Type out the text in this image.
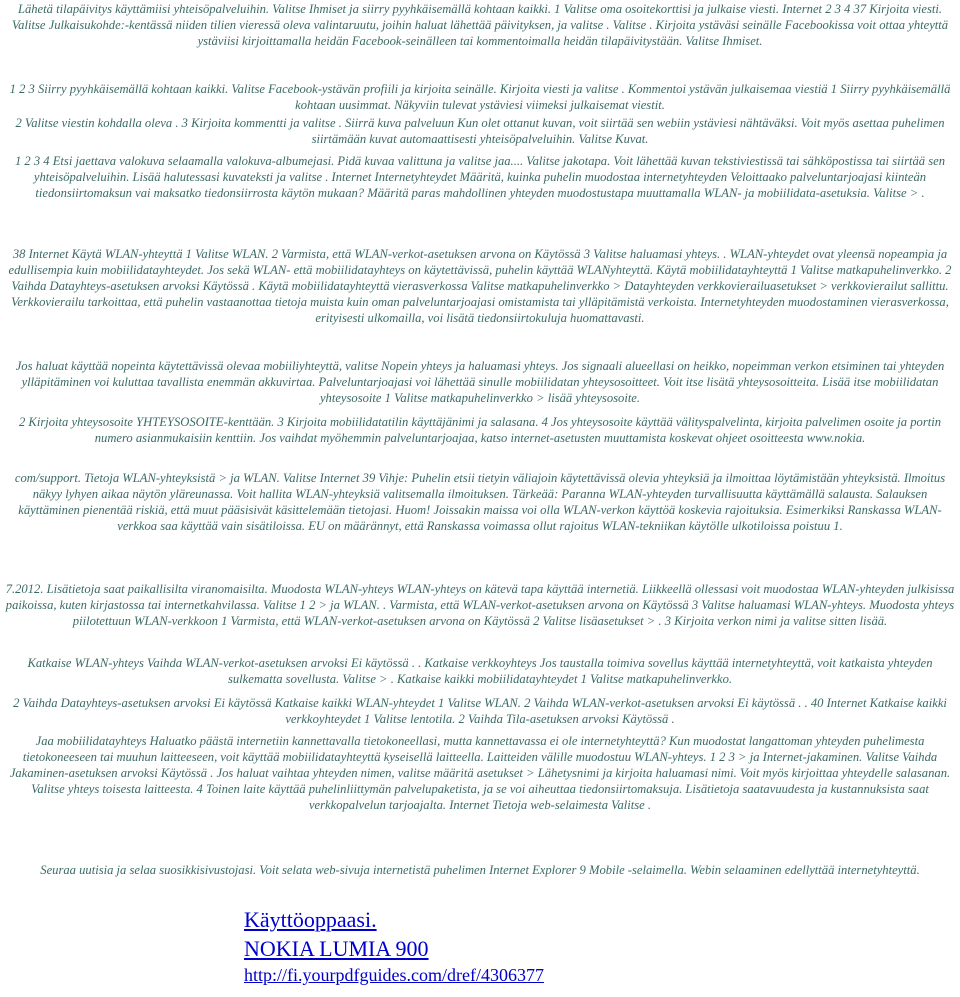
Lähetä tilapäivitys käyttämiisi yhteisöpalveluihin. Valitse Ihmiset ja siirry pyyhkäisemällä kohtaan kaikki. 1 Valitse oma osoitekorttisi ja julkaise viesti. Internet 2 3 4 37 Kirjoita viesti. Valitse Julkaisukohde:-kentässä niiden tilien vieressä oleva valintaruutu, joihin haluat lähettää päivityksen, ja valitse . Valitse . Kirjoita ystäväsi seinälle Facebookissa voit ottaa yhteyttä ystäviisi kirjoittamalla heidän Facebook-seinälleen tai kommentoimalla heidän tilapäivitystään. Valitse Ihmiset.

1 2 3 Siirry pyyhkäisemällä kohtaan kaikki. Valitse Facebook-ystävän profiili ja kirjoita seinälle. Kirjoita viesti ja valitse . Kommentoi ystävän julkaisemaa viestiä 1 Siirry pyyhkäisemällä kohtaan uusimmat. Näkyviin tulevat ystäviesi viimeksi julkaisemat viestit.

2 Valitse viestin kohdalla oleva . 3 Kirjoita kommentti ja valitse . Siirrä kuva palveluun Kun olet ottanut kuvan, voit siirtää sen webiin ystäviesi nähtäväksi. Voit myös asettaa puhelimen siirtämään kuvat automaattisesti yhteisöpalveluihin. Valitse Kuvat.

1 2 3 4 Etsi jaettava valokuva selaamalla valokuva-albumejasi. Pidä kuvaa valittuna ja valitse jaa.... Valitse jakotapa. Voit lähettää kuvan tekstiviestissä tai sähköpostissa tai siirtää sen yhteisöpalveluihin. Lisää halutessasi kuvateksti ja valitse . Internet Internetyhteydet Määritä, kuinka puhelin muodostaa internetyhteyden Veloittaako palveluntarjoajasi kiinteän tiedonsiirtomaksun vai maksatko tiedonsiirrosta käytön mukaan? Määritä paras mahdollinen yhteyden muodostustapa muuttamalla WLAN- ja mobiilidata-asetuksia. Valitse > .

38 Internet Käytä WLAN-yhteyttä 1 Valitse WLAN. 2 Varmista, että WLAN-verkot-asetuksen arvona on Käytössä 3 Valitse haluamasi yhteys. . WLAN-yhteydet ovat yleensä nopeampia ja edullisempia kuin mobiilidatayhteydet. Jos sekä WLAN- että mobiilidatayhteys on käytettävissä, puhelin käyttää WLANyhteyttä. Käytä mobiilidatayhteyttä 1 Valitse matkapuhelinverkko. 2 Vaihda Datayhteys-asetuksen arvoksi Käytössä . Käytä mobiilidatayhteyttä vierasverkossa Valitse matkapuhelinverkko > Datayhteyden verkkovierailuasetukset > verkkovierailut sallittu. Verkkovierailu tarkoittaa, että puhelin vastaanottaa tietoja muista kuin oman palveluntarjoajasi omistamista tai ylläpitämistä verkoista. Internetyhteyden muodostaminen vierasverkossa, erityisesti ulkomailla, voi lisätä tiedonsiirtokuluja huomattavasti.

Jos haluat käyttää nopeinta käytettävissä olevaa mobiiliyhteyttä, valitse Nopein yhteys ja haluamasi yhteys. Jos signaali alueellasi on heikko, nopeimman verkon etsiminen tai yhteyden ylläpitäminen voi kuluttaa tavallista enemmän akkuvirtaa. Palveluntarjoajasi voi lähettää sinulle mobiilidatan yhteysosoitteet. Voit itse lisätä yhteysosoitteita. Lisää itse mobiilidatan yhteysosoite 1 Valitse matkapuhelinverkko > lisää yhteysosoite.

2 Kirjoita yhteysosoite YHTEYSOSOITE-kenttään. 3 Kirjoita mobiilidatatilin käyttäjänimi ja salasana. 4 Jos yhteysosoite käyttää välityspalvelinta, kirjoita palvelimen osoite ja portin numero asianmukaisiin kenttiin. Jos vaihdat myöhemmin palveluntarjoajaa, katso internet-asetusten muuttamista koskevat ohjeet osoitteesta www.nokia.

com/support. Tietoja WLAN-yhteyksistä > ja WLAN. Valitse Internet 39 Vihje: Puhelin etsii tietyin väliajoin käytettävissä olevia yhteyksiä ja ilmoittaa löytämistään yhteyksistä. Ilmoitus näkyy lyhyen aikaa näytön yläreunassa. Voit hallita WLAN-yhteyksiä valitsemalla ilmoituksen. Tärkeää: Paranna WLAN-yhteyden turvallisuutta käyttämällä salausta. Salauksen käyttäminen pienentää riskiä, että muut pääsisivät käsittelemään tietojasi. Huom! Joissakin maissa voi olla WLAN-verkon käyttöä koskevia rajoituksia. Esimerkiksi Ranskassa WLAN-verkkoa saa käyttää vain sisätiloissa. EU on määrännyt, että Ranskassa voimassa ollut rajoitus WLAN-tekniikan käytölle ulkotiloissa poistuu 1.

7.2012. Lisätietoja saat paikallisilta viranomaisilta. Muodosta WLAN-yhteys WLAN-yhteys on kätevä tapa käyttää internetiä. Liikkeellä ollessasi voit muodostaa WLAN-yhteyden julkisissa paikoissa, kuten kirjastossa tai internetkahvilassa. Valitse 1 2 > ja WLAN. . Varmista, että WLAN-verkot-asetuksen arvona on Käytössä 3 Valitse haluamasi WLAN-yhteys. Muodosta yhteys piilotettuun WLAN-verkkoon 1 Varmista, että WLAN-verkot-asetuksen arvona on Käytössä 2 Valitse lisäasetukset > . 3 Kirjoita verkon nimi ja valitse sitten lisää.

Katkaise WLAN-yhteys Vaihda WLAN-verkot-asetuksen arvoksi Ei käytössä . . Katkaise verkkoyhteys Jos taustalla toimiva sovellus käyttää internetyhteyttä, voit katkaista yhteyden sulkematta sovellusta. Valitse > . Katkaise kaikki mobiilidatayhteydet 1 Valitse matkapuhelinverkko.

2 Vaihda Datayhteys-asetuksen arvoksi Ei käytössä Katkaise kaikki WLAN-yhteydet 1 Valitse WLAN. 2 Vaihda WLAN-verkot-asetuksen arvoksi Ei käytössä . . 40 Internet Katkaise kaikki verkkoyhteydet 1 Valitse lentotila. 2 Vaihda Tila-asetuksen arvoksi Käytössä .

Jaa mobiilidatayhteys Haluatko päästä internetiin kannettavalla tietokoneellasi, mutta kannettavassa ei ole internetyhteyttä? Kun muodostat langattoman yhteyden puhelimesta tietokoneeseen tai muuhun laitteeseen, voit käyttää mobiilidatayhteyttä kyseisellä laitteella. Laitteiden välille muodostuu WLAN-yhteys. 1 2 3 > ja Internet-jakaminen. Valitse Vaihda Jakaminen-asetuksen arvoksi Käytössä . Jos haluat vaihtaa yhteyden nimen, valitse määritä asetukset > Lähetysnimi ja kirjoita haluamasi nimi. Voit myös kirjoittaa yhteydelle salasanan. Valitse yhteys toisesta laitteesta. 4 Toinen laite käyttää puhelinliittymän palvelupaketista, ja se voi aiheuttaa tiedonsiirtomaksuja. Lisätietoja saatavuudesta ja kustannuksista saat verkkopalvelun tarjoajalta. Internet Tietoja web-selaimesta Valitse .

Seuraa uutisia ja selaa suosikkisivustojasi. Voit selata web-sivuja internetistä puhelimen Internet Explorer 9 Mobile -selaimella. Webin selaaminen edellyttää internetyhteyttä.

Käyttöoppaasi.
NOKIA LUMIA 900
http://fi.yourpdfguides.com/dref/4306377
